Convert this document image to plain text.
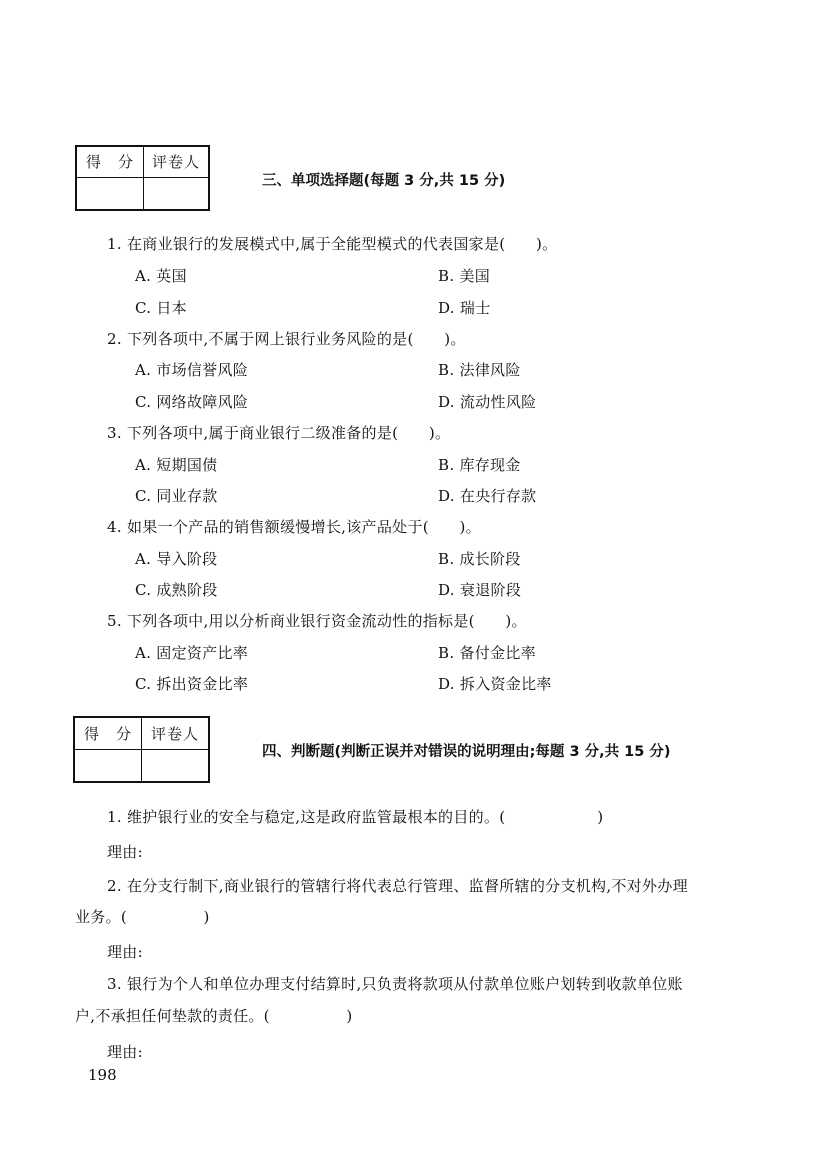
得　分	评卷人

三、单项选择题(每题 3 分,共 15 分)
1. 在商业银行的发展模式中,属于全能型模式的代表国家是(　　)。
A. 英国	B. 美国
C. 日本	D. 瑞士
2. 下列各项中,不属于网上银行业务风险的是(　　)。
A. 市场信誉风险	B. 法律风险
C. 网络故障风险	D. 流动性风险
3. 下列各项中,属于商业银行二级准备的是(　　)。
A. 短期国债	B. 库存现金
C. 同业存款	D. 在央行存款
4. 如果一个产品的销售额缓慢增长,该产品处于(　　)。
A. 导入阶段	B. 成长阶段
C. 成熟阶段	D. 衰退阶段
5. 下列各项中,用以分析商业银行资金流动性的指标是(　　)。
A. 固定资产比率	B. 备付金比率
C. 拆出资金比率	D. 拆入资金比率
得　分	评卷人

四、判断题(判断正误并对错误的说明理由;每题 3 分,共 15 分)
1. 维护银行业的安全与稳定,这是政府监管最根本的目的。(　　　　　　)
理由:
2. 在分支行制下,商业银行的管辖行将代表总行管理、监督所辖的分支机构,不对外办理
业务。(　　　　　)
理由:
3. 银行为个人和单位办理支付结算时,只负责将款项从付款单位账户划转到收款单位账
户,不承担任何垫款的责任。(　　　　　)
理由:
198
